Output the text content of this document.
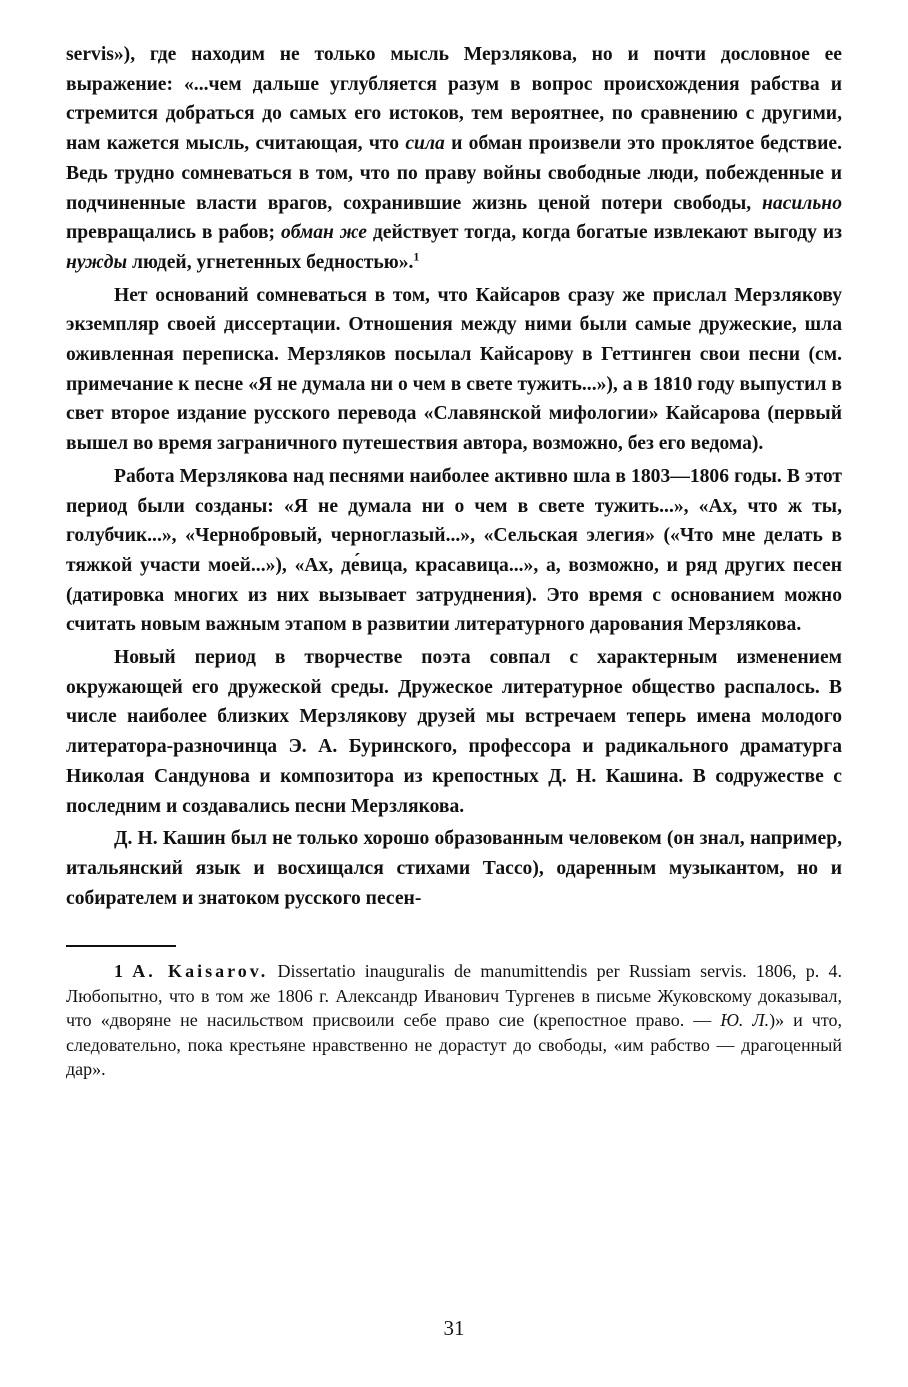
servis»), где находим не только мысль Мерзлякова, но и почти дословное ее выражение: «...чем дальше углубляется разум в вопрос происхождения рабства и стремится добраться до самых его истоков, тем вероятнее, по сравнению с другими, нам кажется мысль, считающая, что сила и обман произвели это проклятое бедствие. Ведь трудно сомневаться в том, что по праву войны свободные люди, побежденные и подчиненные власти врагов, сохранившие жизнь ценой потери свободы, насильно превращались в рабов; обман же действует тогда, когда богатые извлекают выгоду из нужды людей, угнетенных бедностью».$^1$

Нет оснований сомневаться в том, что Кайсаров сразу же прислал Мерзлякову экземпляр своей диссертации. Отношения между ними были самые дружеские, шла оживленная переписка. Мерзляков посылал Кайсарову в Геттинген свои песни (см. примечание к песне «Я не думала ни о чем в свете тужить...»), а в 1810 году выпустил в свет второе издание русского перевода «Славянской мифологии» Кайсарова (первый вышел во время заграничного путешествия автора, возможно, без его ведома).

Работа Мерзлякова над песнями наиболее активно шла в 1803—1806 годы. В этот период были созданы: «Я не думала ни о чем в свете тужить...», «Ах, что ж ты, голубчик...», «Чернобровый, черноглазый...», «Сельская элегия» («Что мне делать в тяжкой участи моей...»), «Ах, де́вица, красавица...», а, возможно, и ряд других песен (датировка многих из них вызывает затруднения). Это время с основанием можно считать новым важным этапом в развитии литературного дарования Мерзлякова.

Новый период в творчестве поэта совпал с характерным изменением окружающей его дружеской среды. Дружеское литературное общество распалось. В числе наиболее близких Мерзлякову друзей мы встречаем теперь имена молодого литератора-разночинца Э. А. Буринского, профессора и радикального драматурга Николая Сандунова и композитора из крепостных Д. Н. Кашина. В содружестве с последним и создавались песни Мерзлякова.

Д. Н. Кашин был не только хорошо образованным человеком (он знал, например, итальянский язык и восхищался стихами Тассо), одаренным музыкантом, но и собирателем и знатоком русского песен-

1 A. Kaisarov. Dissertatio inauguralis de manumittendis per Russiam servis. 1806, p. 4. Любопытно, что в том же 1806 г. Александр Иванович Тургенев в письме Жуковскому доказывал, что «дворяне не насильством присвоили себе право сие (крепостное право. — Ю. Л.)» и что, следовательно, пока крестьяне нравственно не дорастут до свободы, «им рабство — драгоценный дар».

31
